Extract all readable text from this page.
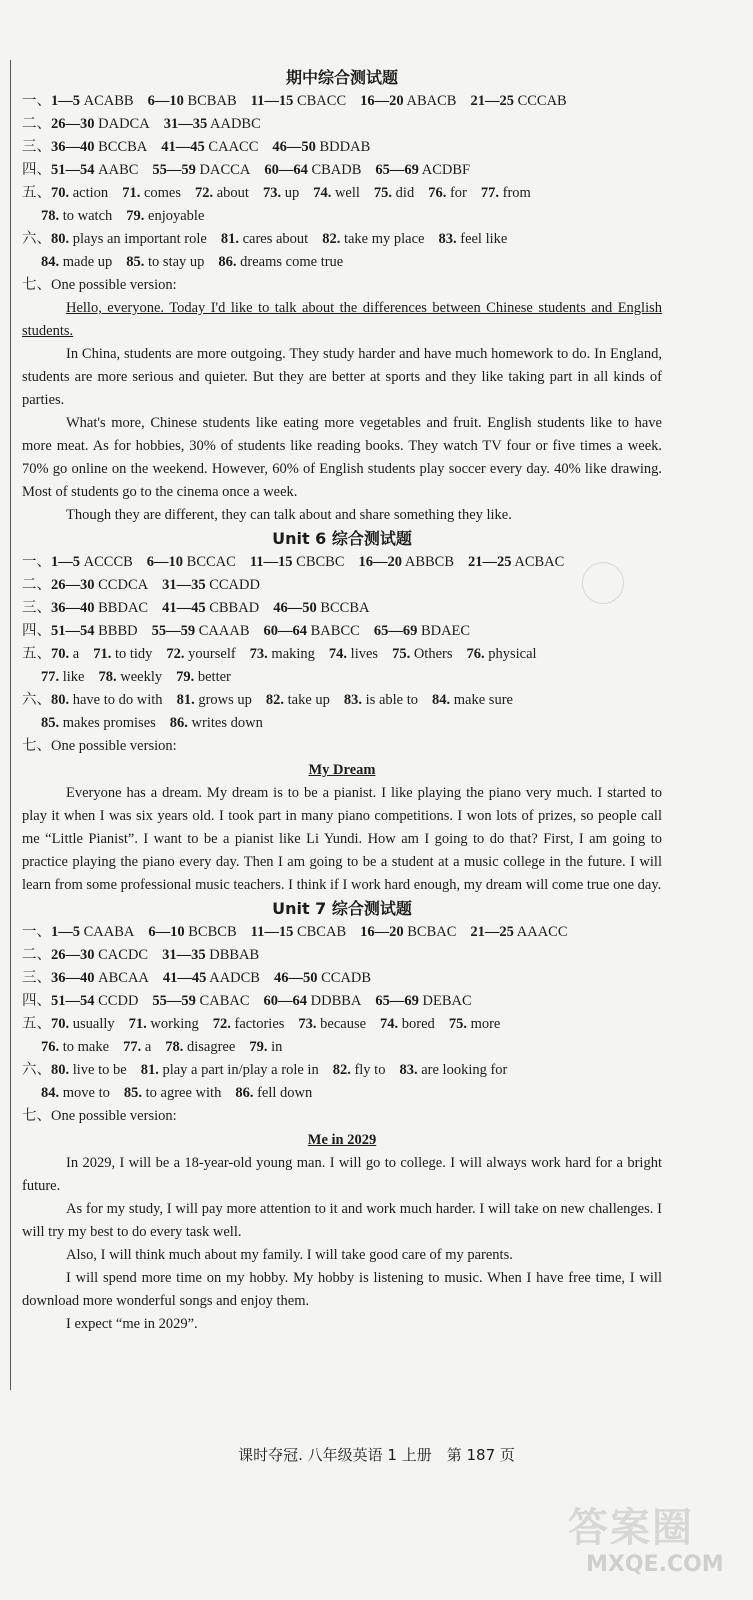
期中综合测试题
一、1—5 ACABB 6—10 BCBAB 11—15 CBACC 16—20 ABACB 21—25 CCCAB
二、26—30 DADCA 31—35 AADBC
三、36—40 BCCBA 41—45 CAACC 46—50 BDDAB
四、51—54 AABC 55—59 DACCA 60—64 CBADB 65—69 ACDBF
五、70. action 71. comes 72. about 73. up 74. well 75. did 76. for 77. from
78. to watch 79. enjoyable
六、80. plays an important role 81. cares about 82. take my place 83. feel like
84. made up 85. to stay up 86. dreams come true
七、One possible version:

Hello, everyone. Today I'd like to talk about the differences between Chinese students and English students.

In China, students are more outgoing. They study harder and have much homework to do. In England, students are more serious and quieter. But they are better at sports and they like taking part in all kinds of parties.

What's more, Chinese students like eating more vegetables and fruit. English students like to have more meat. As for hobbies, 30% of students like reading books. They watch TV four or five times a week. 70% go online on the weekend. However, 60% of English students play soccer every day. 40% like drawing. Most of students go to the cinema once a week.

Though they are different, they can talk about and share something they like.

Unit 6 综合测试题
一、1—5 ACCCB 6—10 BCCAC 11—15 CBCBC 16—20 ABBCB 21—25 ACBAC
二、26—30 CCDCA 31—35 CCADD
三、36—40 BBDAC 41—45 CBBAD 46—50 BCCBA
四、51—54 BBBD 55—59 CAAAB 60—64 BABCC 65—69 BDAEC
五、70. a 71. to tidy 72. yourself 73. making 74. lives 75. Others 76. physical
77. like 78. weekly 79. better
六、80. have to do with 81. grows up 82. take up 83. is able to 84. make sure
85. makes promises 86. writes down
七、One possible version:
My Dream

Everyone has a dream. My dream is to be a pianist. I like playing the piano very much. I started to play it when I was six years old. I took part in many piano competitions. I won lots of prizes, so people call me “Little Pianist”. I want to be a pianist like Li Yundi. How am I going to do that? First, I am going to practice playing the piano every day. Then I am going to be a student at a music college in the future. I will learn from some professional music teachers. I think if I work hard enough, my dream will come true one day.

Unit 7 综合测试题
一、1—5 CAABA 6—10 BCBCB 11—15 CBCAB 16—20 BCBAC 21—25 AAACC
二、26—30 CACDC 31—35 DBBAB
三、36—40 ABCAA 41—45 AADCB 46—50 CCADB
四、51—54 CCDD 55—59 CABAC 60—64 DDBBA 65—69 DEBAC
五、70. usually 71. working 72. factories 73. because 74. bored 75. more
76. to make 77. a 78. disagree 79. in
六、80. live to be 81. play a part in/play a role in 82. fly to 83. are looking for
84. move to 85. to agree with 86. fell down
七、One possible version:
Me in 2029

In 2029, I will be a 18-year-old young man. I will go to college. I will always work hard for a bright future.

As for my study, I will pay more attention to it and work much harder. I will take on new challenges. I will try my best to do every task well.

Also, I will think much about my family. I will take good care of my parents.

I will spend more time on my hobby. My hobby is listening to music. When I have free time, I will download more wonderful songs and enjoy them.

I expect “me in 2029”.

课时夺冠. 八年级英语 1 上册　第 187 页
答案圈
MXQE.COM
